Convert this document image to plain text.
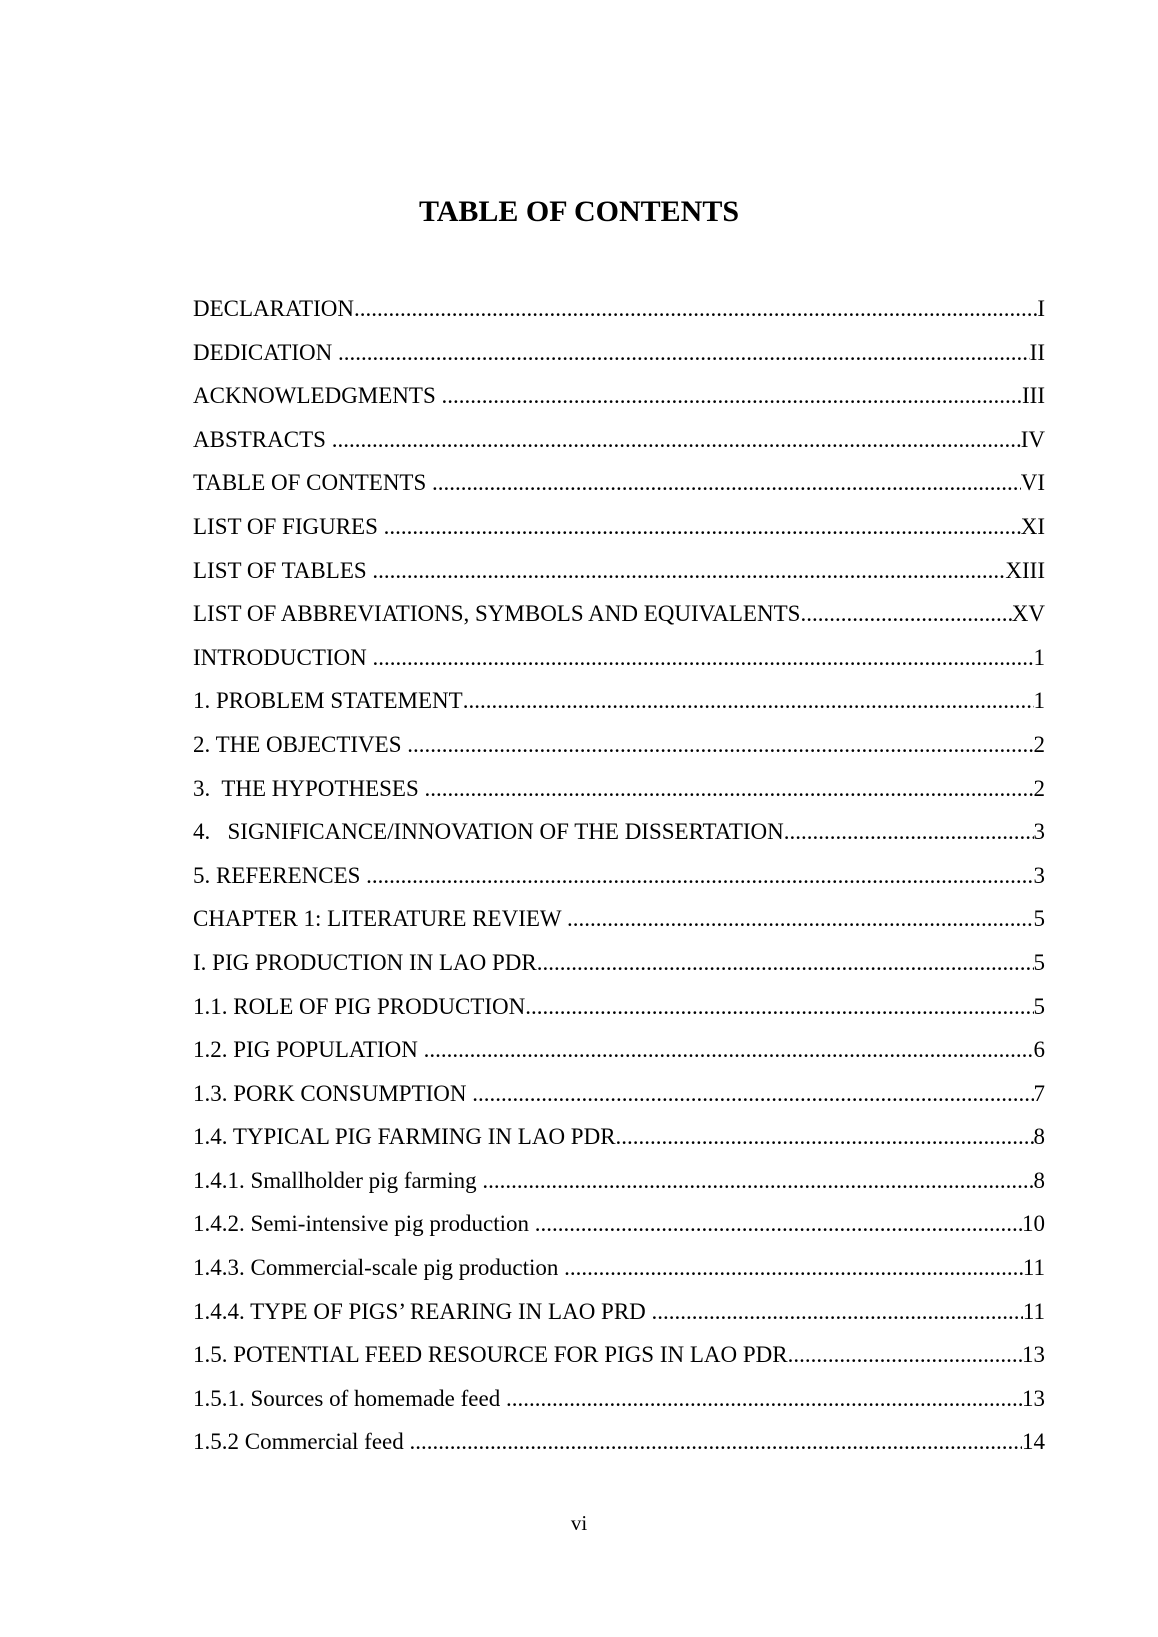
TABLE OF CONTENTS
DECLARATION .....	I
DEDICATION .....	II
ACKNOWLEDGMENTS .....	III
ABSTRACTS .....	IV
TABLE OF CONTENTS .....	VI
LIST OF FIGURES .....	XI
LIST OF TABLES .....	XIII
LIST OF ABBREVIATIONS, SYMBOLS AND EQUIVALENTS .....	XV
INTRODUCTION .....	1
1. PROBLEM STATEMENT .....	1
2. THE OBJECTIVES .....	2
3.  THE HYPOTHESES .....	2
4.   SIGNIFICANCE/INNOVATION OF THE DISSERTATION .....	3
5. REFERENCES .....	3
CHAPTER 1: LITERATURE REVIEW .....	5
I. PIG PRODUCTION IN LAO PDR .....	5
1.1. ROLE OF PIG PRODUCTION .....	5
1.2. PIG POPULATION .....	6
1.3. PORK CONSUMPTION .....	7
1.4. TYPICAL PIG FARMING IN LAO PDR .....	8
1.4.1. Smallholder pig farming .....	8
1.4.2. Semi-intensive pig production .....	10
1.4.3. Commercial-scale pig production .....	11
1.4.4. TYPE OF PIGS’ REARING IN LAO PRD .....	11
1.5. POTENTIAL FEED RESOURCE FOR PIGS IN LAO PDR .....	13
1.5.1. Sources of homemade feed .....	13
1.5.2 Commercial feed .....	14
vi
